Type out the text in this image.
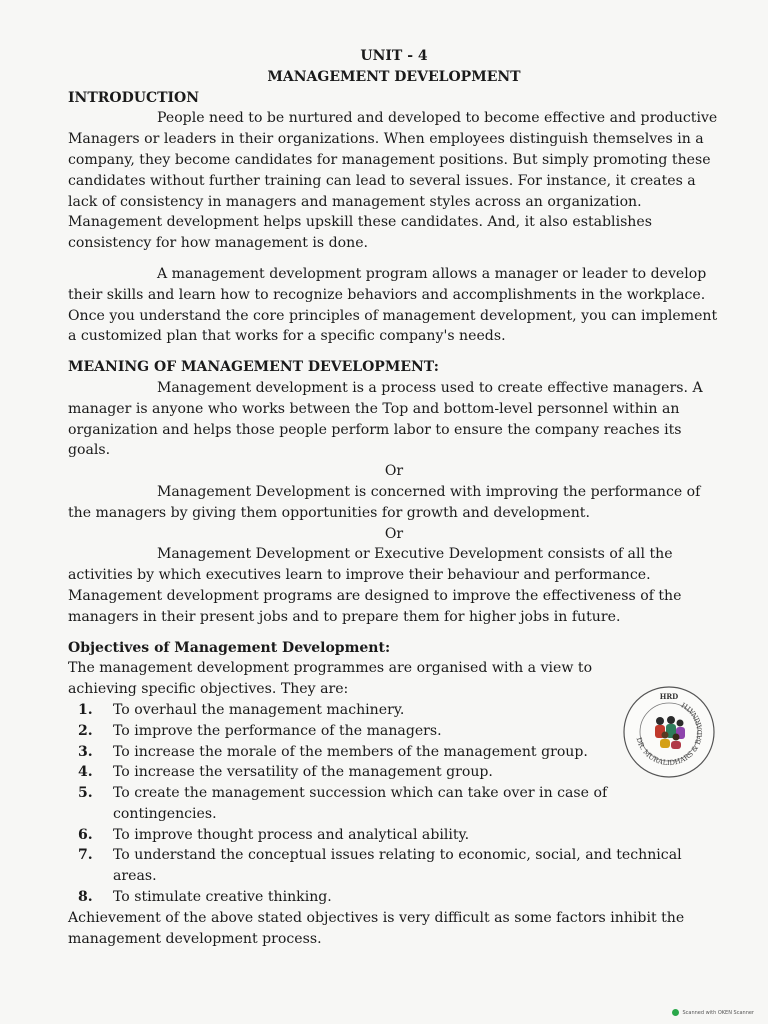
UNIT - 4

MANAGEMENT DEVELOPMENT

INTRODUCTION

People need to be nurtured and developed to become effective and productive Managers or leaders in their organizations. When employees distinguish themselves in a company, they become candidates for management positions. But simply promoting these candidates without further training can lead to several issues. For instance, it creates a lack of consistency in managers and management styles across an organization. Management development helps upskill these candidates. And, it also establishes consistency for how management is done.

A management development program allows a manager or leader to develop their skills and learn how to recognize behaviors and accomplishments in the workplace. Once you understand the core principles of management development, you can implement a customized plan that works for a specific company's needs.

MEANING OF MANAGEMENT DEVELOPMENT:

Management development is a process used to create effective managers. A manager is anyone who works between the Top and bottom-level personnel within an organization and helps those people perform labor to ensure the company reaches its goals.

Or

Management Development is concerned with improving the performance of the managers by giving them opportunities for growth and development.

Or

Management Development or Executive Development consists of all the activities by which executives learn to improve their behaviour and performance. Management development programs are designed to improve the effectiveness of the managers in their present jobs and to prepare them for higher jobs in future.

Objectives of Management Development:

The management development programmes are organised with a view to achieving specific objectives. They are:

1.	To overhaul the management machinery.
2.	To improve the performance of the managers.
3.	To increase the morale of the members of the management group.
4.	To increase the versatility of the management group.
5.	To create the management succession which can take over in case of contingencies.
6.	To improve thought process and analytical ability.
7.	To understand the conceptual issues relating to economic, social, and technical areas.
8.	To stimulate creative thinking.

Achievement of the above stated objectives is very difficult as some factors inhibit the management development process.

DR. MURALIDHARS & BADARINATH
HRD
Scanned with OKEN Scanner
